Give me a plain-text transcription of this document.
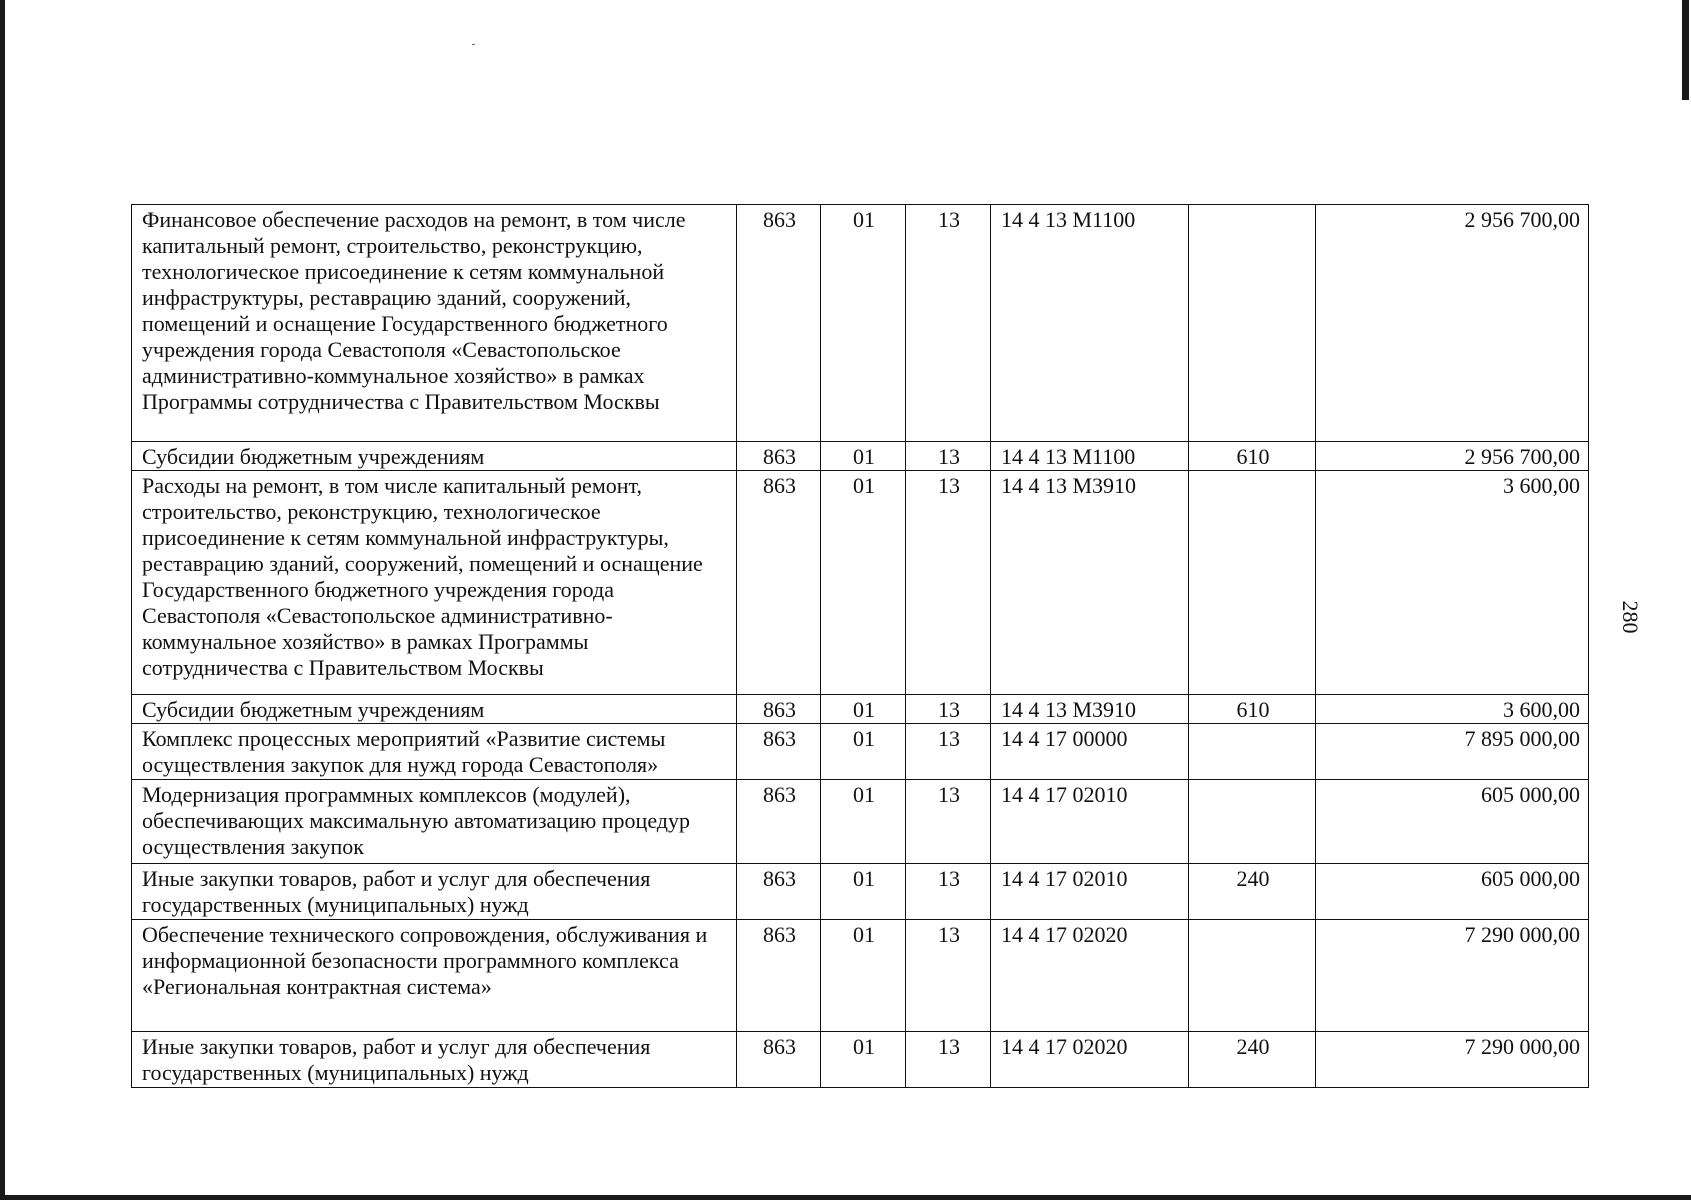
280
Финансовое обеспечение расходов на ремонт, в том числе капитальный ремонт, строительство, реконструкцию, технологическое присоединение к сетям коммунальной инфраструктуры, реставрацию зданий, сооружений, помещений и оснащение Государственного бюджетного учреждения города Севастополя «Севастопольское административно-коммунальное хозяйство» в рамках Программы сотрудничества с Правительством Москвы	863	01	13	14 4 13 М1100		2 956 700,00
Субсидии бюджетным учреждениям	863	01	13	14 4 13 М1100	610	2 956 700,00
Расходы на ремонт, в том числе капитальный ремонт, строительство, реконструкцию, технологическое присоединение к сетям коммунальной инфраструктуры, реставрацию зданий, сооружений, помещений и оснащение Государственного бюджетного учреждения города Севастополя «Севастопольское административно-коммунальное хозяйство» в рамках Программы сотрудничества с Правительством Москвы	863	01	13	14 4 13 М3910		3 600,00
Субсидии бюджетным учреждениям	863	01	13	14 4 13 М3910	610	3 600,00
Комплекс процессных мероприятий «Развитие системы осуществления закупок для нужд города Севастополя»	863	01	13	14 4 17 00000		7 895 000,00
Модернизация программных комплексов (модулей), обеспечивающих максимальную автоматизацию процедур осуществления закупок	863	01	13	14 4 17 02010		605 000,00
Иные закупки товаров, работ и услуг для обеспечения государственных (муниципальных) нужд	863	01	13	14 4 17 02010	240	605 000,00
Обеспечение технического сопровождения, обслуживания и информационной безопасности программного комплекса «Региональная контрактная система»	863	01	13	14 4 17 02020		7 290 000,00
Иные закупки товаров, работ и услуг для обеспечения государственных (муниципальных) нужд	863	01	13	14 4 17 02020	240	7 290 000,00
